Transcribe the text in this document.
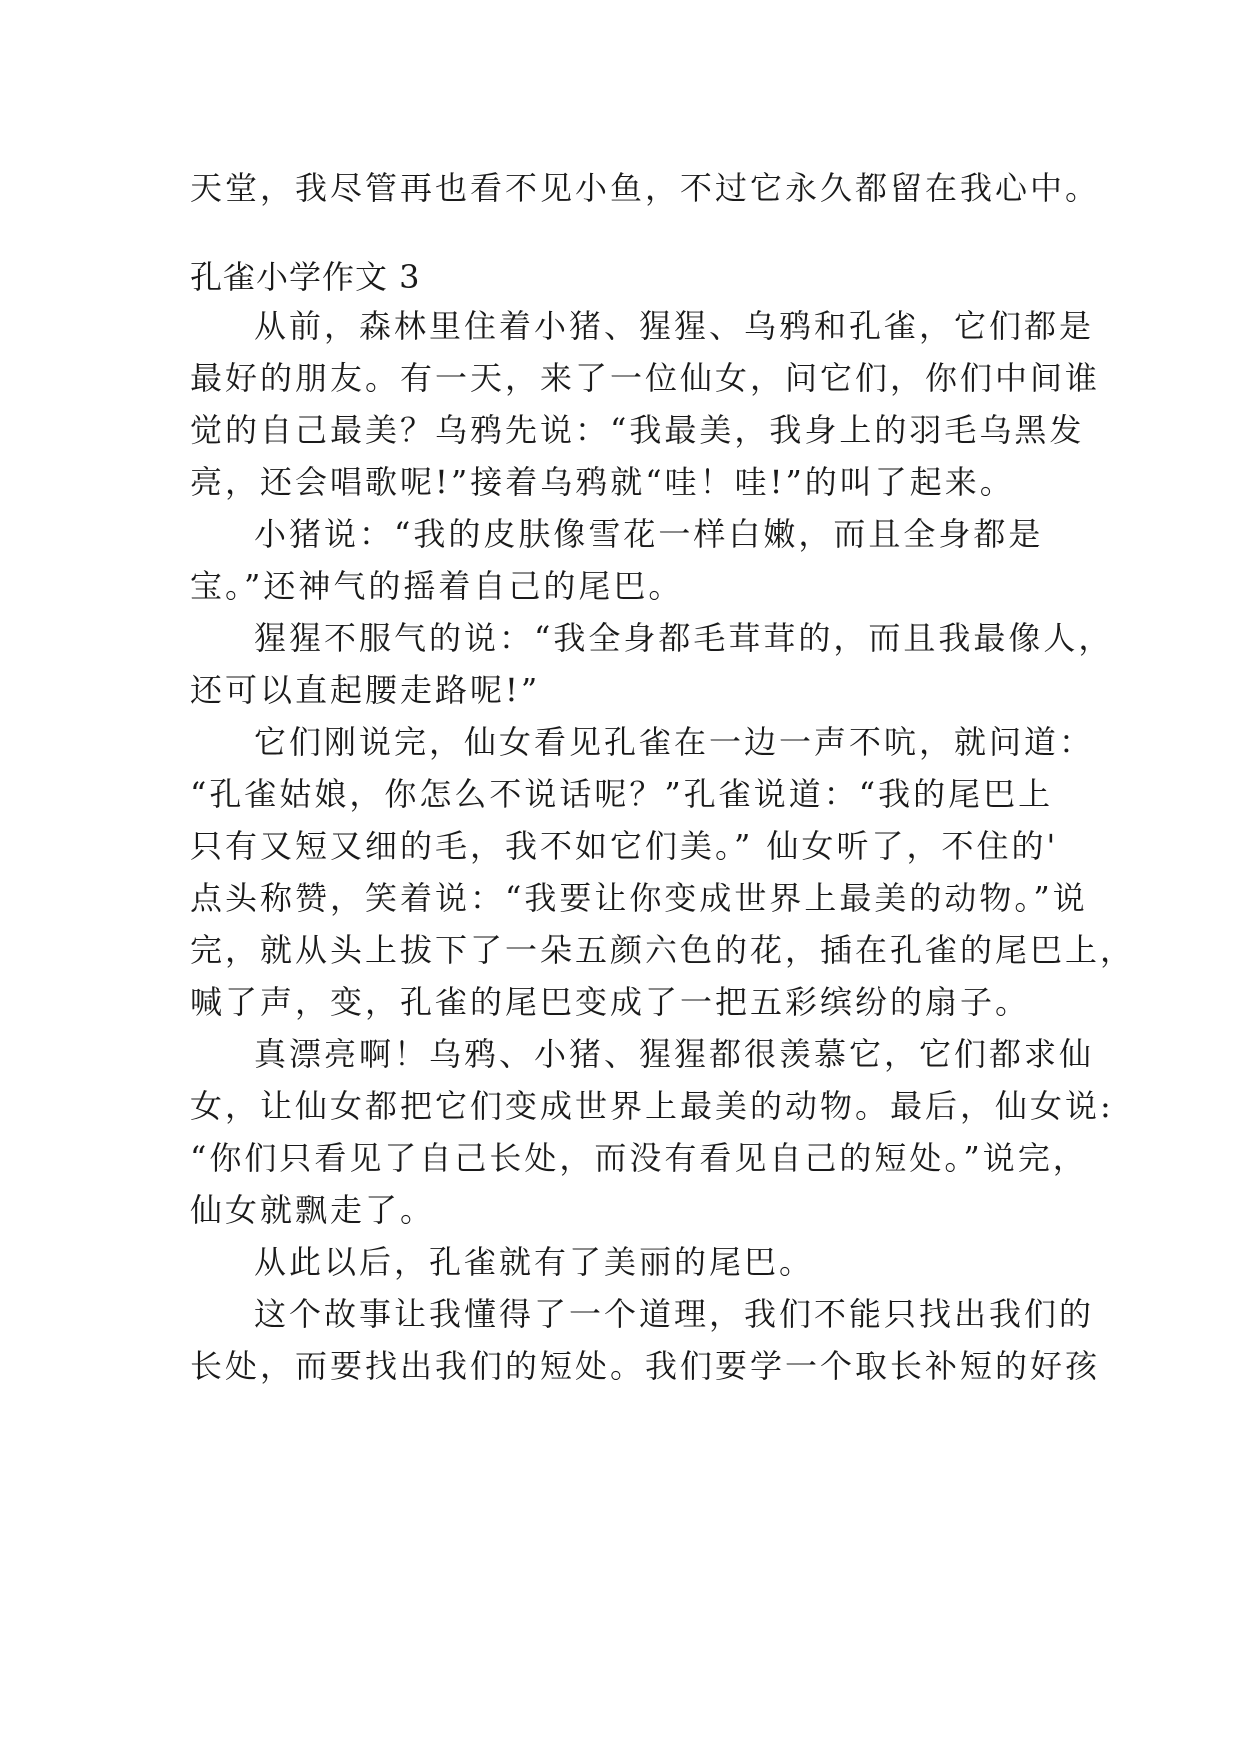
天堂，我尽管再也看不见小鱼，不过它永久都留在我心中。
孔雀小学作文 3
从前，森林里住着小猪、猩猩、乌鸦和孔雀，它们都是
最好的朋友。有一天，来了一位仙女，问它们，你们中间谁
觉的自己最美？乌鸦先说：“我最美，我身上的羽毛乌黑发
亮，还会唱歌呢!”接着乌鸦就“哇！哇!”的叫了起来。
小猪说：“我的皮肤像雪花一样白嫩，而且全身都是
宝。”还神气的摇着自己的尾巴。
猩猩不服气的说：“我全身都毛茸茸的，而且我最像人，
还可以直起腰走路呢!”
它们刚说完，仙女看见孔雀在一边一声不吭，就问道：
“孔雀姑娘，你怎么不说话呢？”孔雀说道：“我的尾巴上
只有又短又细的毛，我不如它们美。” 仙女听了，不住的'
点头称赞，笑着说：“我要让你变成世界上最美的动物。”说
完，就从头上拔下了一朵五颜六色的花，插在孔雀的尾巴上，
喊了声，变，孔雀的尾巴变成了一把五彩缤纷的扇子。
真漂亮啊！乌鸦、小猪、猩猩都很羡慕它，它们都求仙
女，让仙女都把它们变成世界上最美的动物。最后，仙女说:
“你们只看见了自己长处，而没有看见自己的短处。”说完，
仙女就飘走了。
从此以后，孔雀就有了美丽的尾巴。
这个故事让我懂得了一个道理，我们不能只找出我们的
长处，而要找出我们的短处。我们要学一个取长补短的好孩
